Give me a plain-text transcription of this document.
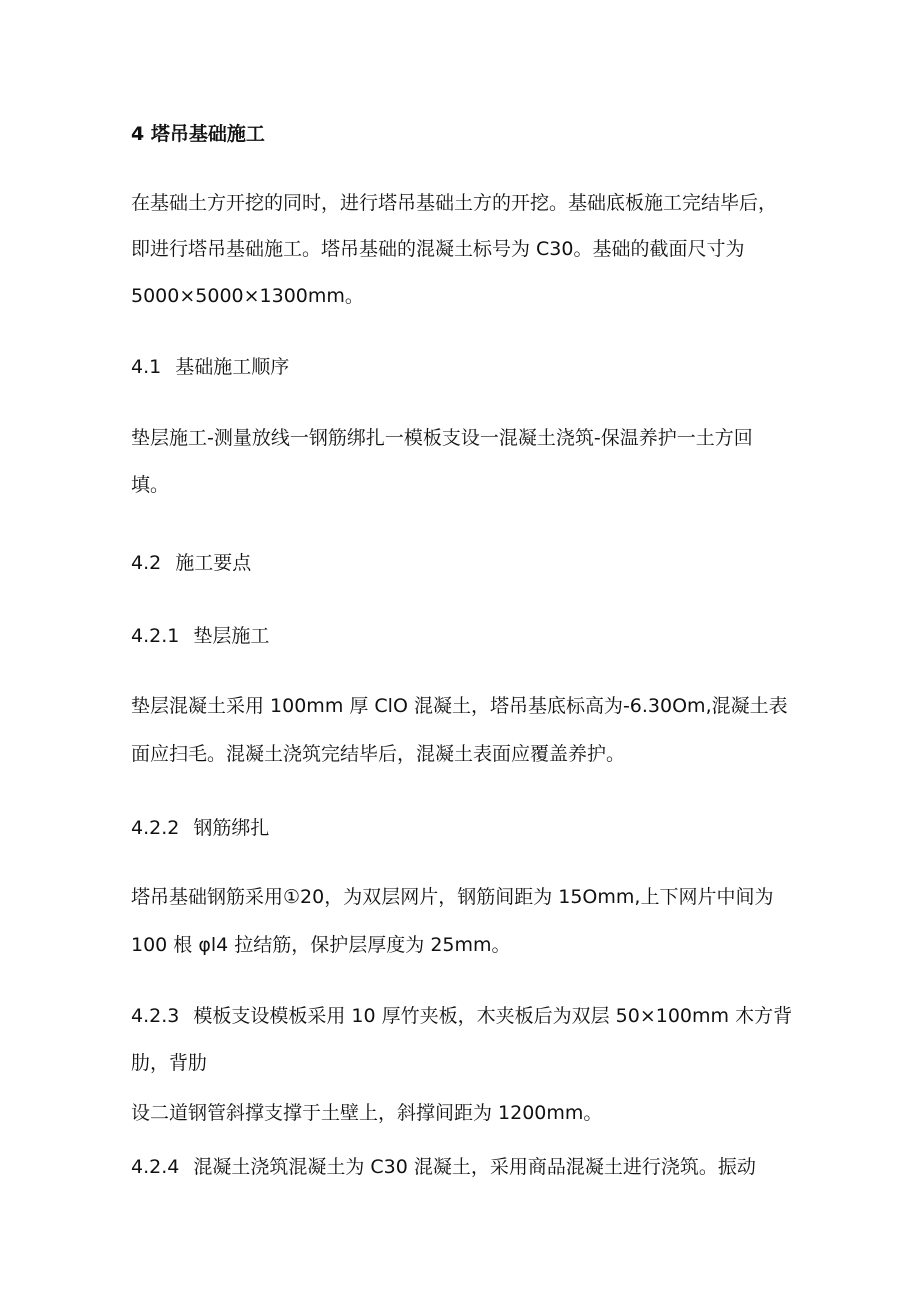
4 塔吊基础施工
在基础土方开挖的同时，进行塔吊基础土方的开挖。基础底板施工完结毕后，
即进行塔吊基础施工。塔吊基础的混凝土标号为 C30。基础的截面尺寸为
5000×5000×1300mm。
4.1 基础施工顺序
垫层施工-测量放线一钢筋绑扎一模板支设一混凝土浇筑-保温养护一土方回
填。
4.2 施工要点
4.2.1 垫层施工
垫层混凝土采用 100mm 厚 ClO 混凝土，塔吊基底标高为-6.30Om,混凝土表
面应扫毛。混凝土浇筑完结毕后，混凝土表面应覆盖养护。
4.2.2 钢筋绑扎
塔吊基础钢筋采用①20，为双层网片，钢筋间距为 15Omm,上下网片中间为
100 根 φl4 拉结筋，保护层厚度为 25mm。
4.2.3 模板支设模板采用 10 厚竹夹板，木夹板后为双层 50×100mm 木方背
肋，背肋
设二道钢管斜撑支撑于土壁上，斜撑间距为 1200mm。
4.2.4 混凝土浇筑混凝土为 C30 混凝土，采用商品混凝土进行浇筑。振动
